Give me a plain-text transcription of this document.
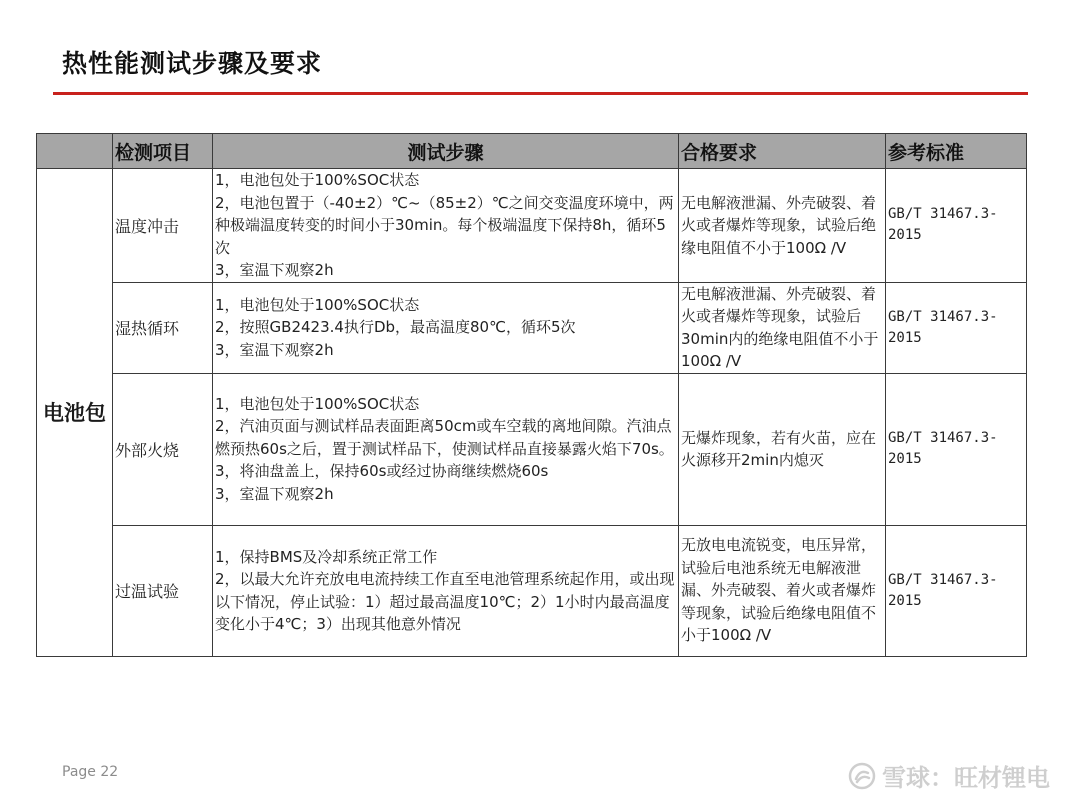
热性能测试步骤及要求
	检测项目	测试步骤	合格要求	参考标准
电池包	温度冲击	1，电池包处于100%SOC状态
2，电池包置于（-40±2）℃~（85±2）℃之间交变温度环境中，两种极端温度转变的时间小于30min。每个极端温度下保持8h，循环5次
3，室温下观察2h	无电解液泄漏、外壳破裂、着火或者爆炸等现象，试验后绝缘电阻值不小于100Ω /V	GB/T 31467.3-2015
	湿热循环	1，电池包处于100%SOC状态
2，按照GB2423.4执行Db，最高温度80℃，循环5次
3，室温下观察2h	无电解液泄漏、外壳破裂、着火或者爆炸等现象，试验后30min内的绝缘电阻值不小于100Ω /V	GB/T 31467.3-2015
	外部火烧	1，电池包处于100%SOC状态
2，汽油页面与测试样品表面距离50cm或车空载的离地间隙。汽油点燃预热60s之后，置于测试样品下，使测试样品直接暴露火焰下70s。
3，将油盘盖上，保持60s或经过协商继续燃烧60s
3，室温下观察2h	无爆炸现象，若有火苗，应在火源移开2min内熄灭	GB/T 31467.3-2015
	过温试验	1，保持BMS及冷却系统正常工作
2，以最大允许充放电电流持续工作直至电池管理系统起作用，或出现以下情况，停止试验：1）超过最高温度10℃；2）1小时内最高温度变化小于4℃；3）出现其他意外情况	无放电电流锐变，电压异常，试验后电池系统无电解液泄漏、外壳破裂、着火或者爆炸等现象，试验后绝缘电阻值不小于100Ω /V	GB/T 31467.3-2015
Page 22	雪球：旺材锂电
